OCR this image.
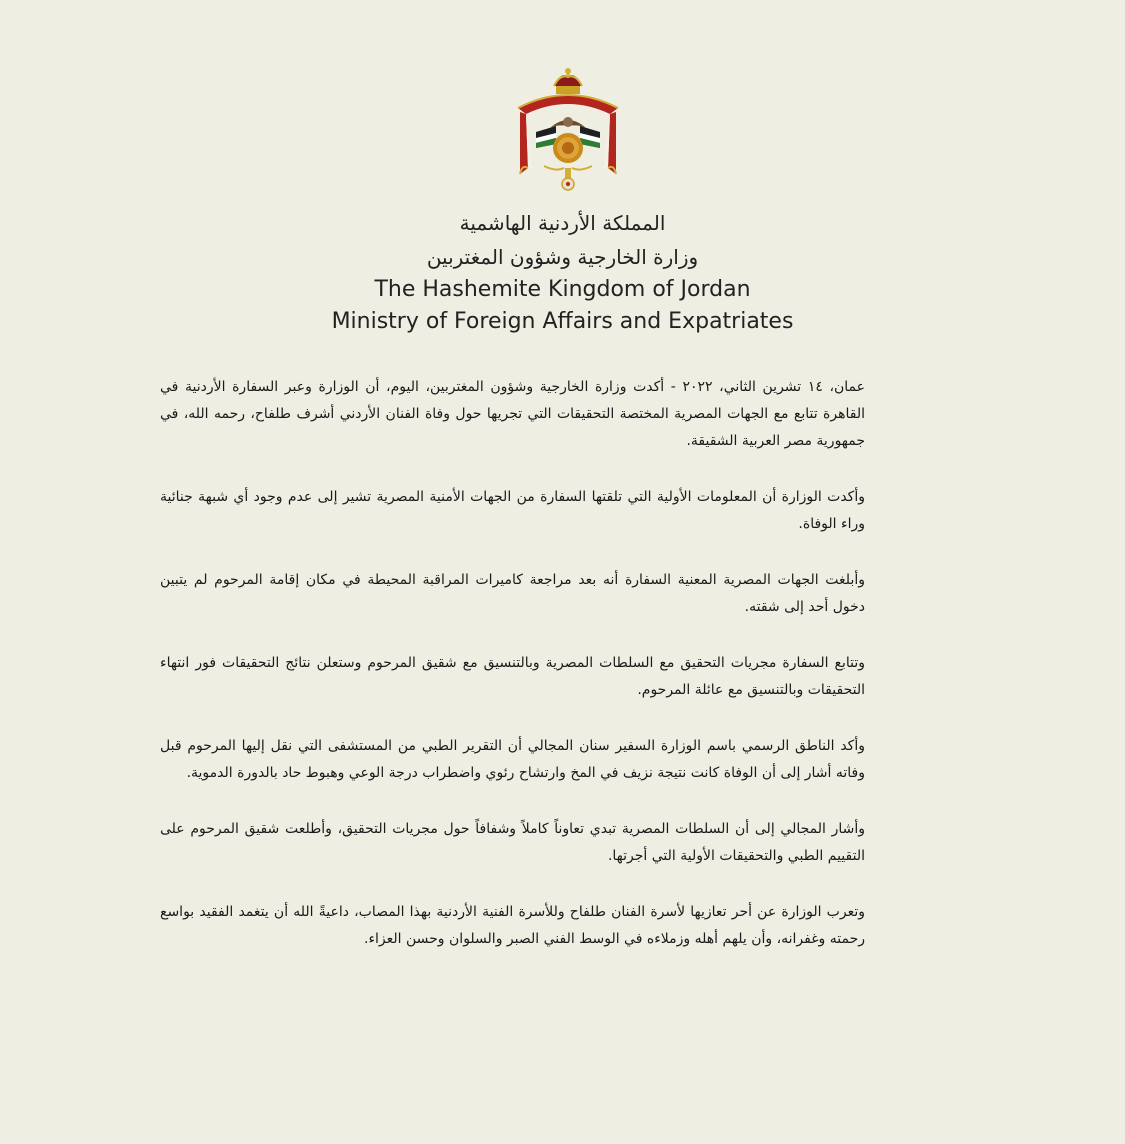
المملكة الأردنية الهاشمية
وزارة الخارجية وشؤون المغتربين
The Hashemite Kingdom of Jordan
Ministry of Foreign Affairs and Expatriates

عمان، ١٤ تشرين الثاني، ٢٠٢٢ - أكدت وزارة الخارجية وشؤون المغتربين، اليوم، أن الوزارة وعبر السفارة الأردنية في القاهرة تتابع مع الجهات المصرية المختصة التحقيقات التي تجريها حول وفاة الفنان الأردني أشرف طلفاح، رحمه الله، في جمهورية مصر العربية الشقيقة.

وأكدت الوزارة أن المعلومات الأولية التي تلقتها السفارة من الجهات الأمنية المصرية تشير إلى عدم وجود أي شبهة جنائية وراء الوفاة.

وأبلغت الجهات المصرية المعنية السفارة أنه بعد مراجعة كاميرات المراقبة المحيطة في مكان إقامة المرحوم لم يتبين دخول أحد إلى شقته.

وتتابع السفارة مجريات التحقيق مع السلطات المصرية وبالتنسيق مع شقيق المرحوم وستعلن نتائج التحقيقات فور انتهاء التحقيقات وبالتنسيق مع عائلة المرحوم.

وأكد الناطق الرسمي باسم الوزارة السفير سنان المجالي أن التقرير الطبي من المستشفى التي نقل إليها المرحوم قبل وفاته أشار إلى أن الوفاة كانت نتيجة نزيف في المخ وارتشاح رئوي واضطراب درجة الوعي وهبوط حاد بالدورة الدموية.

وأشار المجالي إلى أن السلطات المصرية تبدي تعاوناً كاملاً وشفافاً حول مجريات التحقيق، وأطلعت شقيق المرحوم على التقييم الطبي والتحقيقات الأولية التي أجرتها.

وتعرب الوزارة عن أحر تعازيها لأسرة الفنان طلفاح وللأسرة الفنية الأردنية بهذا المصاب، داعيةً الله أن يتغمد الفقيد بواسع رحمته وغفرانه، وأن يلهم أهله وزملاءه في الوسط الفني الصبر والسلوان وحسن العزاء.
